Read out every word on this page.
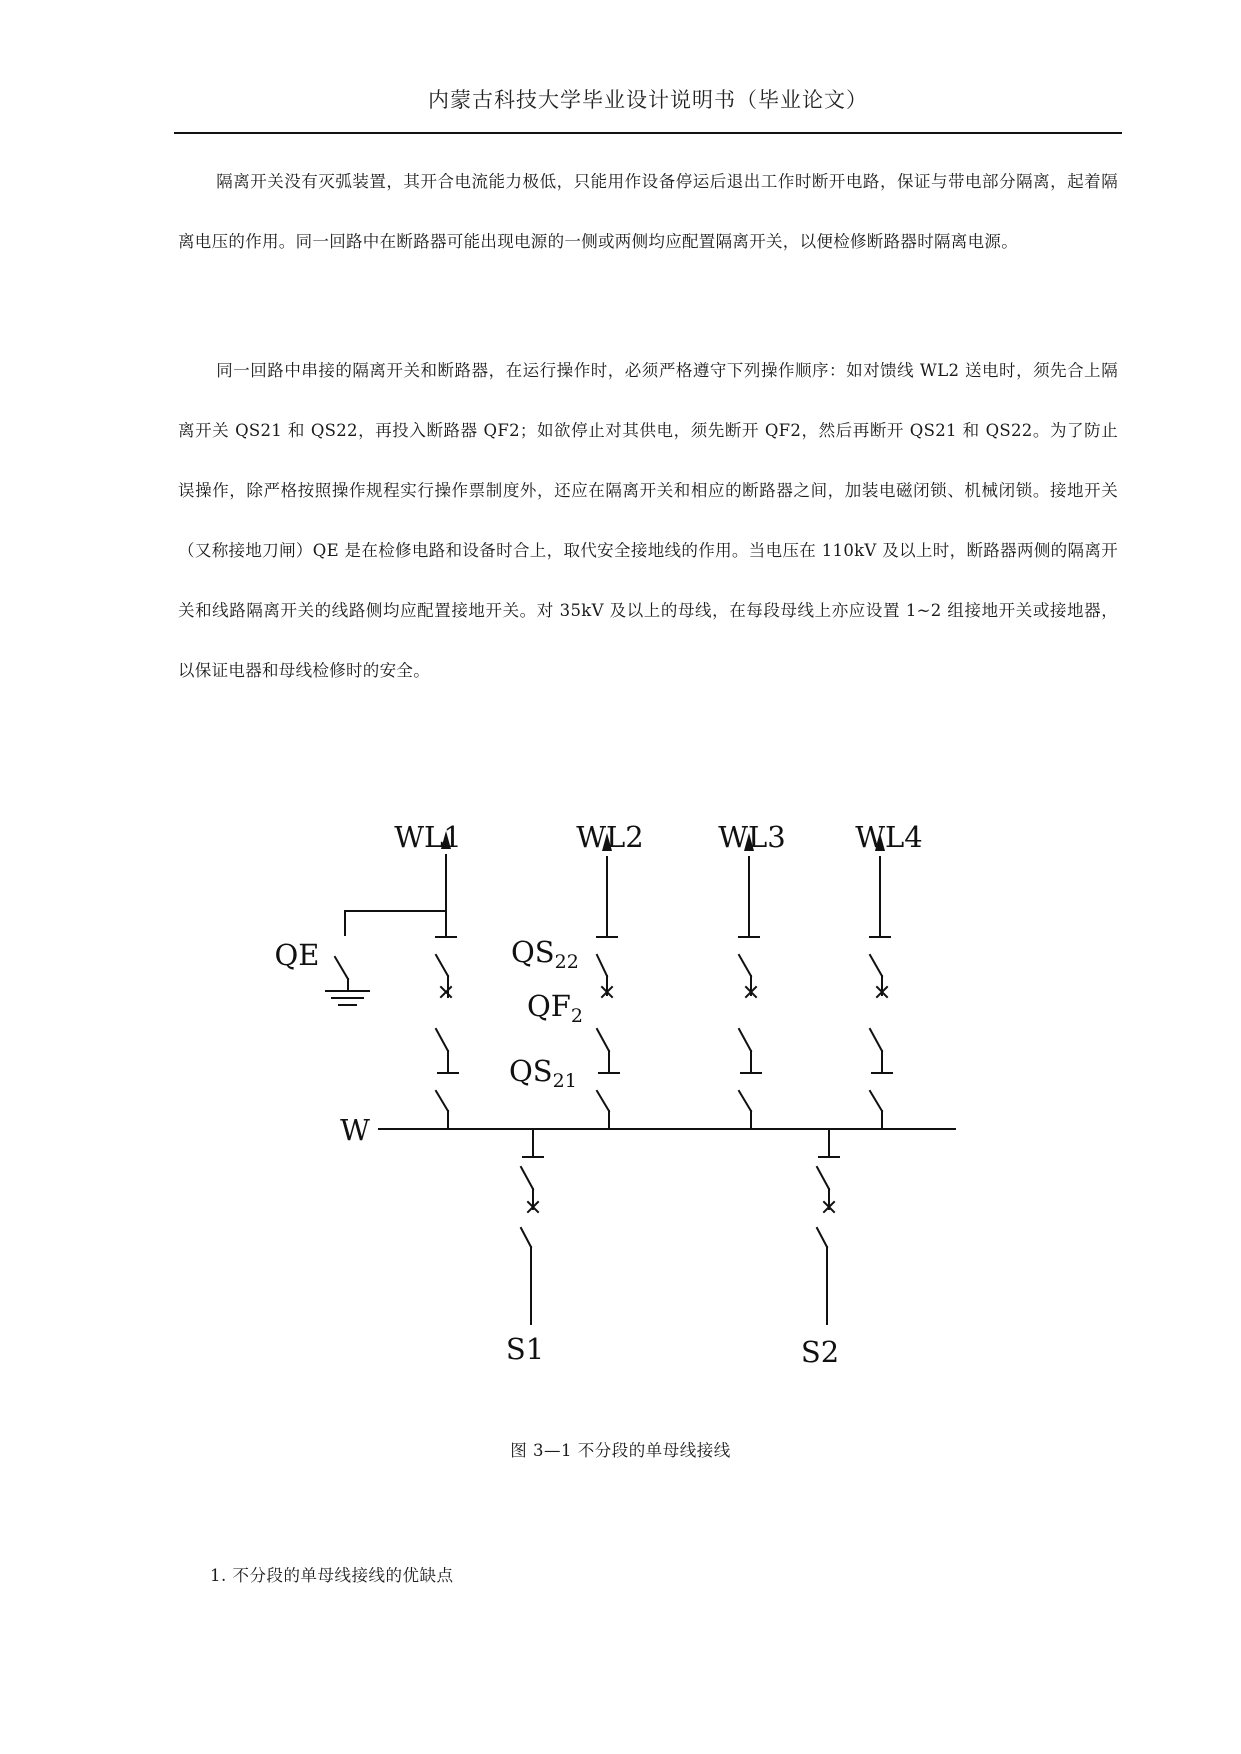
内蒙古科技大学毕业设计说明书（毕业论文）
隔离开关没有灭弧装置，其开合电流能力极低，只能用作设备停运后退出工作时断开电路，保证与带电部分隔离，起着隔离电压的作用。同一回路中在断路器可能出现电源的一侧或两侧均应配置隔离开关，以便检修断路器时隔离电源。
同一回路中串接的隔离开关和断路器，在运行操作时，必须严格遵守下列操作顺序：如对馈线 WL2 送电时，须先合上隔离开关 QS21 和 QS22，再投入断路器 QF2；如欲停止对其供电，须先断开 QF2，然后再断开 QS21 和 QS22。为了防止误操作，除严格按照操作规程实行操作票制度外，还应在隔离开关和相应的断路器之间，加装电磁闭锁、机械闭锁。接地开关（又称接地刀闸）QE 是在检修电路和设备时合上，取代安全接地线的作用。当电压在 110kV 及以上时，断路器两侧的隔离开关和线路隔离开关的线路侧均应配置接地开关。对 35kV 及以上的母线，在每段母线上亦应设置 1~2 组接地开关或接地器，以保证电器和母线检修时的安全。
WL1	WL2	WL3 WL4
QE	$QS_{22}$
$QF_2$
$QS_{21}$
W
S1	S2
图 3—1 不分段的单母线接线
1. 不分段的单母线接线的优缺点
